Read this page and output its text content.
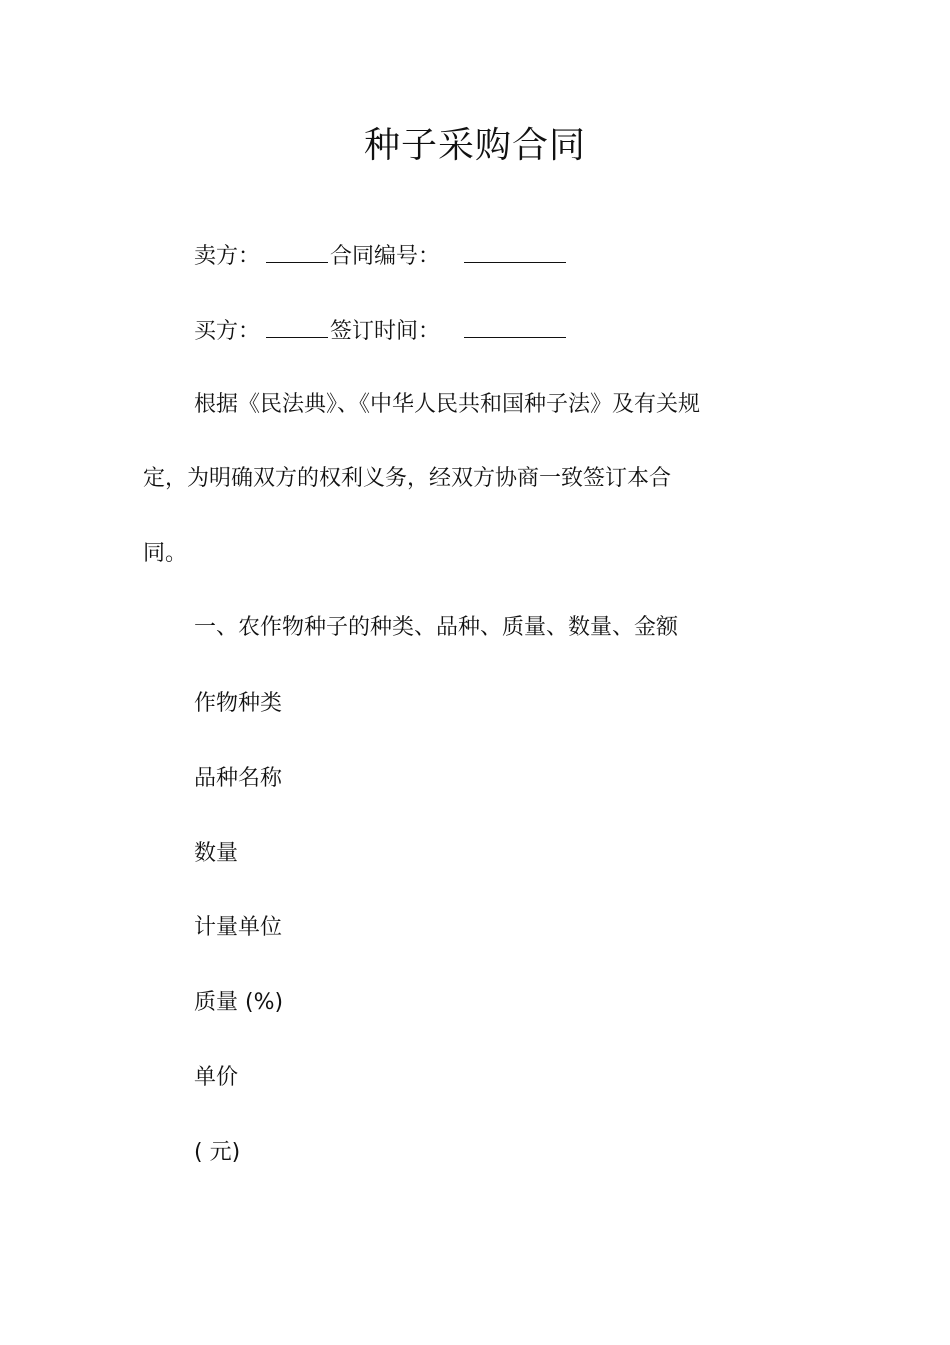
种子采购合同
卖方：	合同编号：
买方：	签订时间：
根据《民法典》、《中华人民共和国种子法》及有关规
定，为明确双方的权利义务，经双方协商一致签订本合
同。
一、农作物种子的种类、品种、质量、数量、金额
作物种类
品种名称
数量
计量单位
质量 (%)
单价
( 元)
